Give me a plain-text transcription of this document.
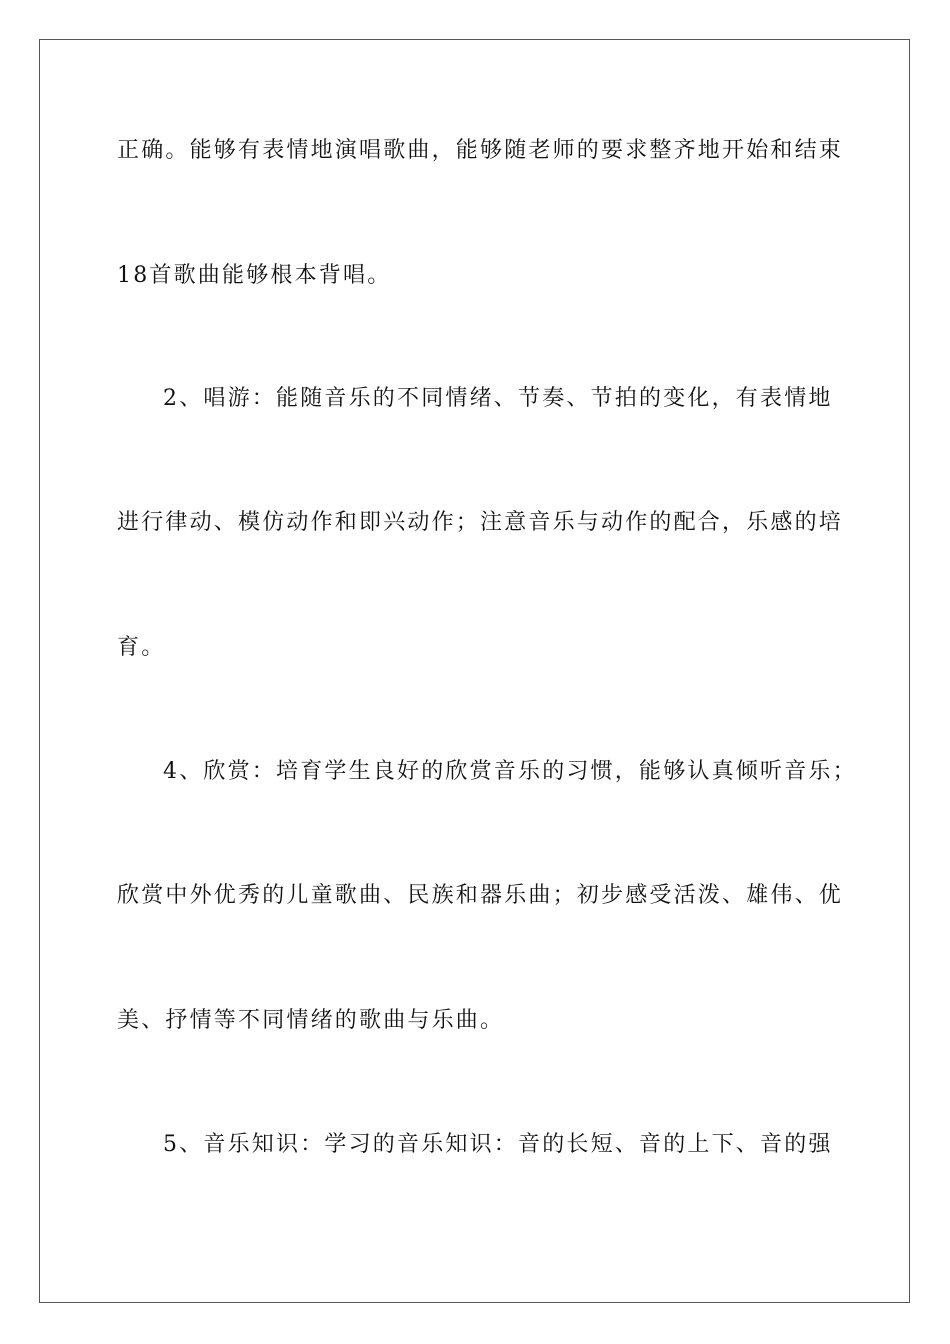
正确。能够有表情地演唱歌曲，能够随老师的要求整齐地开始和结束
18首歌曲能够根本背唱。
2、唱游：能随音乐的不同情绪、节奏、节拍的变化，有表情地
进行律动、模仿动作和即兴动作；注意音乐与动作的配合，乐感的培
育。
4、欣赏：培育学生良好的欣赏音乐的习惯，能够认真倾听音乐；
欣赏中外优秀的儿童歌曲、民族和器乐曲；初步感受活泼、雄伟、优
美、抒情等不同情绪的歌曲与乐曲。
5、音乐知识：学习的音乐知识：音的长短、音的上下、音的强
